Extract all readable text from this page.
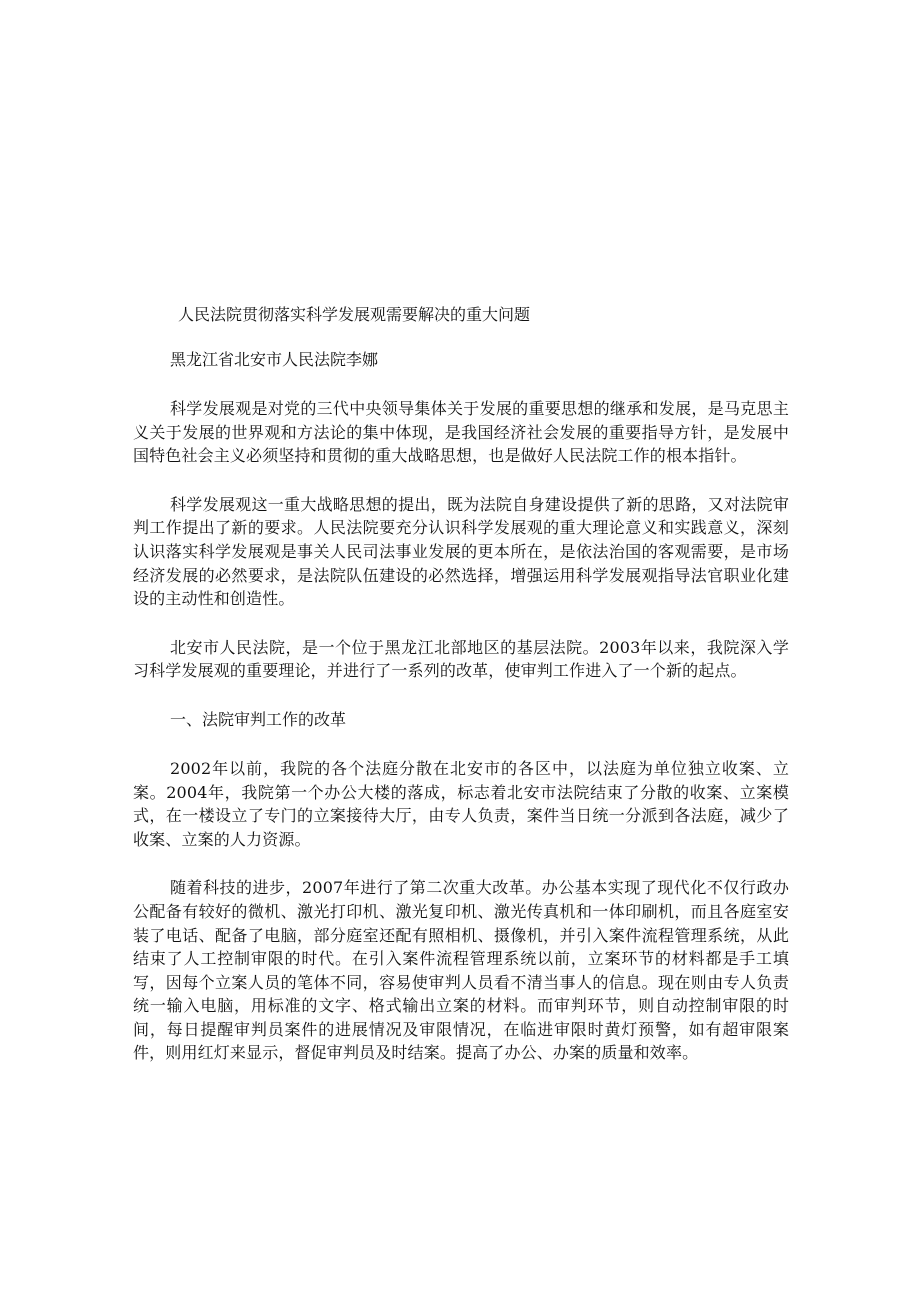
人民法院贯彻落实科学发展观需要解决的重大问题

黑龙江省北安市人民法院李娜

科学发展观是对党的三代中央领导集体关于发展的重要思想的继承和发展，是马克思主义关于发展的世界观和方法论的集中体现，是我国经济社会发展的重要指导方针，是发展中国特色社会主义必须坚持和贯彻的重大战略思想，也是做好人民法院工作的根本指针。

科学发展观这一重大战略思想的提出，既为法院自身建设提供了新的思路，又对法院审判工作提出了新的要求。人民法院要充分认识科学发展观的重大理论意义和实践意义，深刻认识落实科学发展观是事关人民司法事业发展的更本所在，是依法治国的客观需要，是市场经济发展的必然要求，是法院队伍建设的必然选择，增强运用科学发展观指导法官职业化建设的主动性和创造性。

北安市人民法院，是一个位于黑龙江北部地区的基层法院。2003年以来，我院深入学习科学发展观的重要理论，并进行了一系列的改革，使审判工作进入了一个新的起点。

一、法院审判工作的改革

2002年以前，我院的各个法庭分散在北安市的各区中，以法庭为单位独立收案、立案。2004年，我院第一个办公大楼的落成，标志着北安市法院结束了分散的收案、立案模式，在一楼设立了专门的立案接待大厅，由专人负责，案件当日统一分派到各法庭，减少了收案、立案的人力资源。

随着科技的进步，2007年进行了第二次重大改革。办公基本实现了现代化不仅行政办公配备有较好的微机、激光打印机、激光复印机、激光传真机和一体印刷机，而且各庭室安装了电话、配备了电脑，部分庭室还配有照相机、摄像机，并引入案件流程管理系统，从此结束了人工控制审限的时代。在引入案件流程管理系统以前，立案环节的材料都是手工填写，因每个立案人员的笔体不同，容易使审判人员看不清当事人的信息。现在则由专人负责统一输入电脑，用标准的文字、格式输出立案的材料。而审判环节，则自动控制审限的时间，每日提醒审判员案件的进展情况及审限情况，在临进审限时黄灯预警，如有超审限案件，则用红灯来显示，督促审判员及时结案。提高了办公、办案的质量和效率。
